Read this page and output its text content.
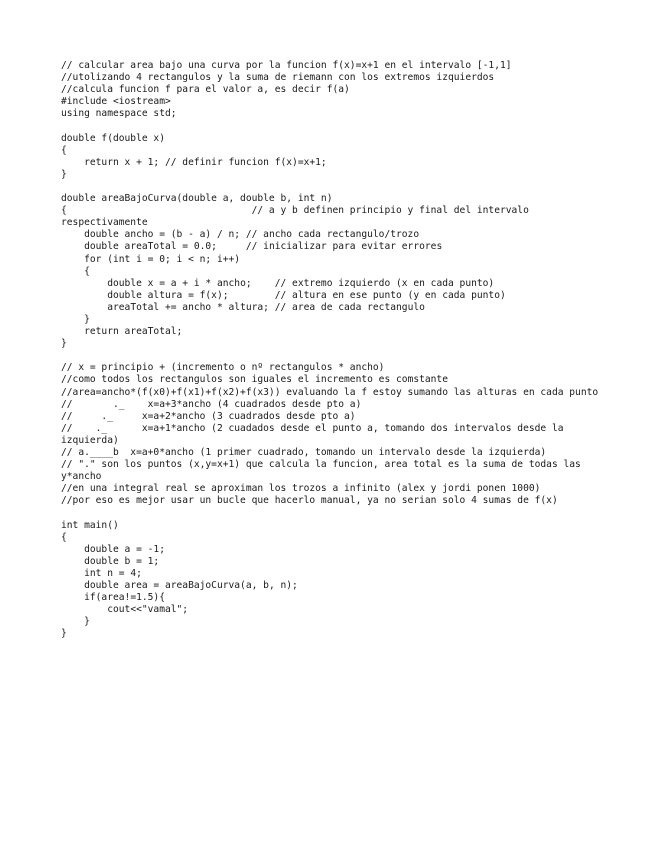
// calcular area bajo una curva por la funcion f(x)=x+1 en el intervalo [-1,1]
//utolizando 4 rectangulos y la suma de riemann con los extremos izquierdos
//calcula funcion f para el valor a, es decir f(a)
#include <iostream>
using namespace std;
double f(double x)
{
return x + 1; // definir funcion f(x)=x+1;
}
double areaBajoCurva(double a, double b, int n)
{                                // a y b definen principio y final del intervalo respectivamente
double ancho = (b - a) / n; // ancho cada rectangulo/trozo
double areaTotal = 0.0;     // inicializar para evitar errores
for (int i = 0; i < n; i++)
{
double x = a + i * ancho;    // extremo izquierdo (x en cada punto)
double altura = f(x);        // altura en ese punto (y en cada punto)
areaTotal += ancho * altura; // area de cada rectangulo
}
return areaTotal;
}
// x = principio + (incremento o nº rectangulos * ancho)
//como todos los rectangulos son iguales el incremento es comstante
//area=ancho*(f(x0)+f(x1)+f(x2)+f(x3)) evaluando la f estoy sumando las alturas en cada punto
//       ._    x=a+3*ancho (4 cuadrados desde pto a)
//     ._     x=a+2*ancho (3 cuadrados desde pto a)
//    ._      x=a+1*ancho (2 cuadados desde el punto a, tomando dos intervalos desde la izquierda)
// a.____b  x=a+0*ancho (1 primer cuadrado, tomando un intervalo desde la izquierda)
// "." son los puntos (x,y=x+1) que calcula la funcion, area total es la suma de todas las y*ancho
//en una integral real se aproximan los trozos a infinito (alex y jordi ponen 1000)
//por eso es mejor usar un bucle que hacerlo manual, ya no serian solo 4 sumas de f(x)
int main()
{
double a = -1;
double b = 1;
int n = 4;
double area = areaBajoCurva(a, b, n);
if(area!=1.5){
cout<<"vamal";
}
}
